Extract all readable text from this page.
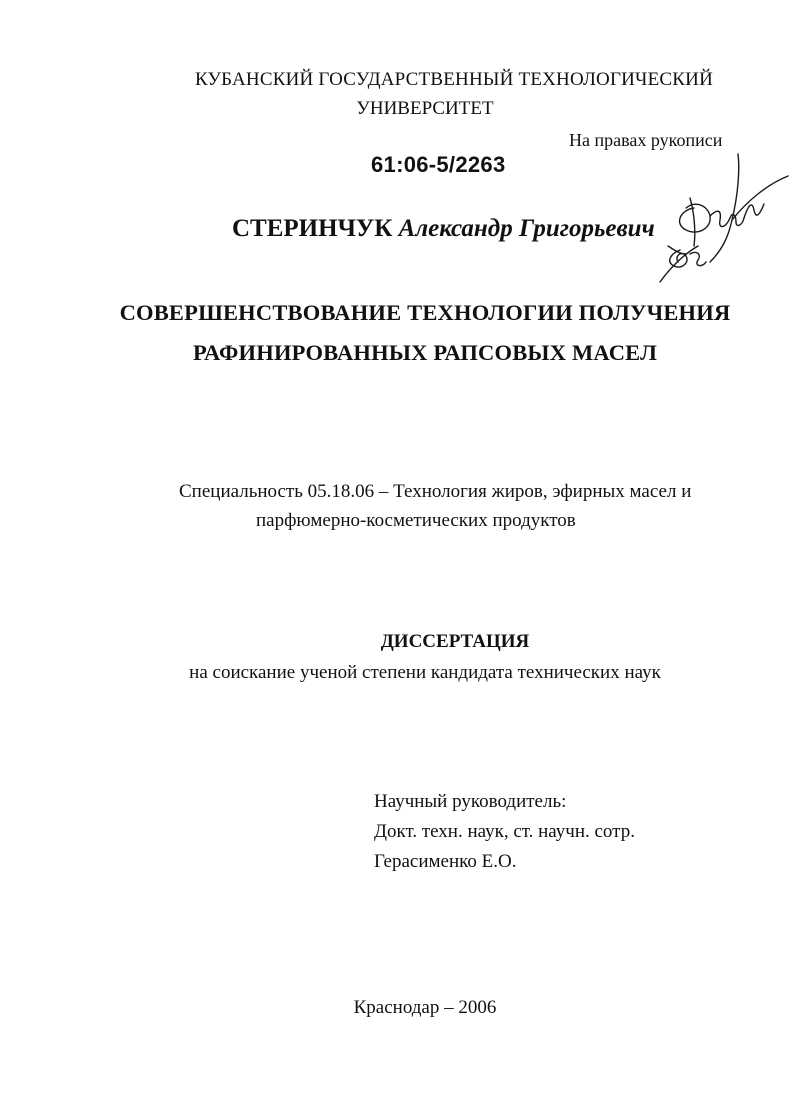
КУБАНСКИЙ ГОСУДАРСТВЕННЫЙ ТЕХНОЛОГИЧЕСКИЙ
УНИВЕРСИТЕТ
На правах рукописи
61:06-5/2263
СТЕРИНЧУК Александр Григорьевич
СОВЕРШЕНСТВОВАНИЕ ТЕХНОЛОГИИ ПОЛУЧЕНИЯ
РАФИНИРОВАННЫХ РАПСОВЫХ МАСЕЛ
Специальность 05.18.06 – Технология жиров, эфирных масел и
парфюмерно-косметических продуктов
ДИССЕРТАЦИЯ
на соискание ученой степени кандидата технических наук
Научный руководитель:
Докт. техн. наук, ст. научн. сотр.
Герасименко Е.О.
Краснодар – 2006
